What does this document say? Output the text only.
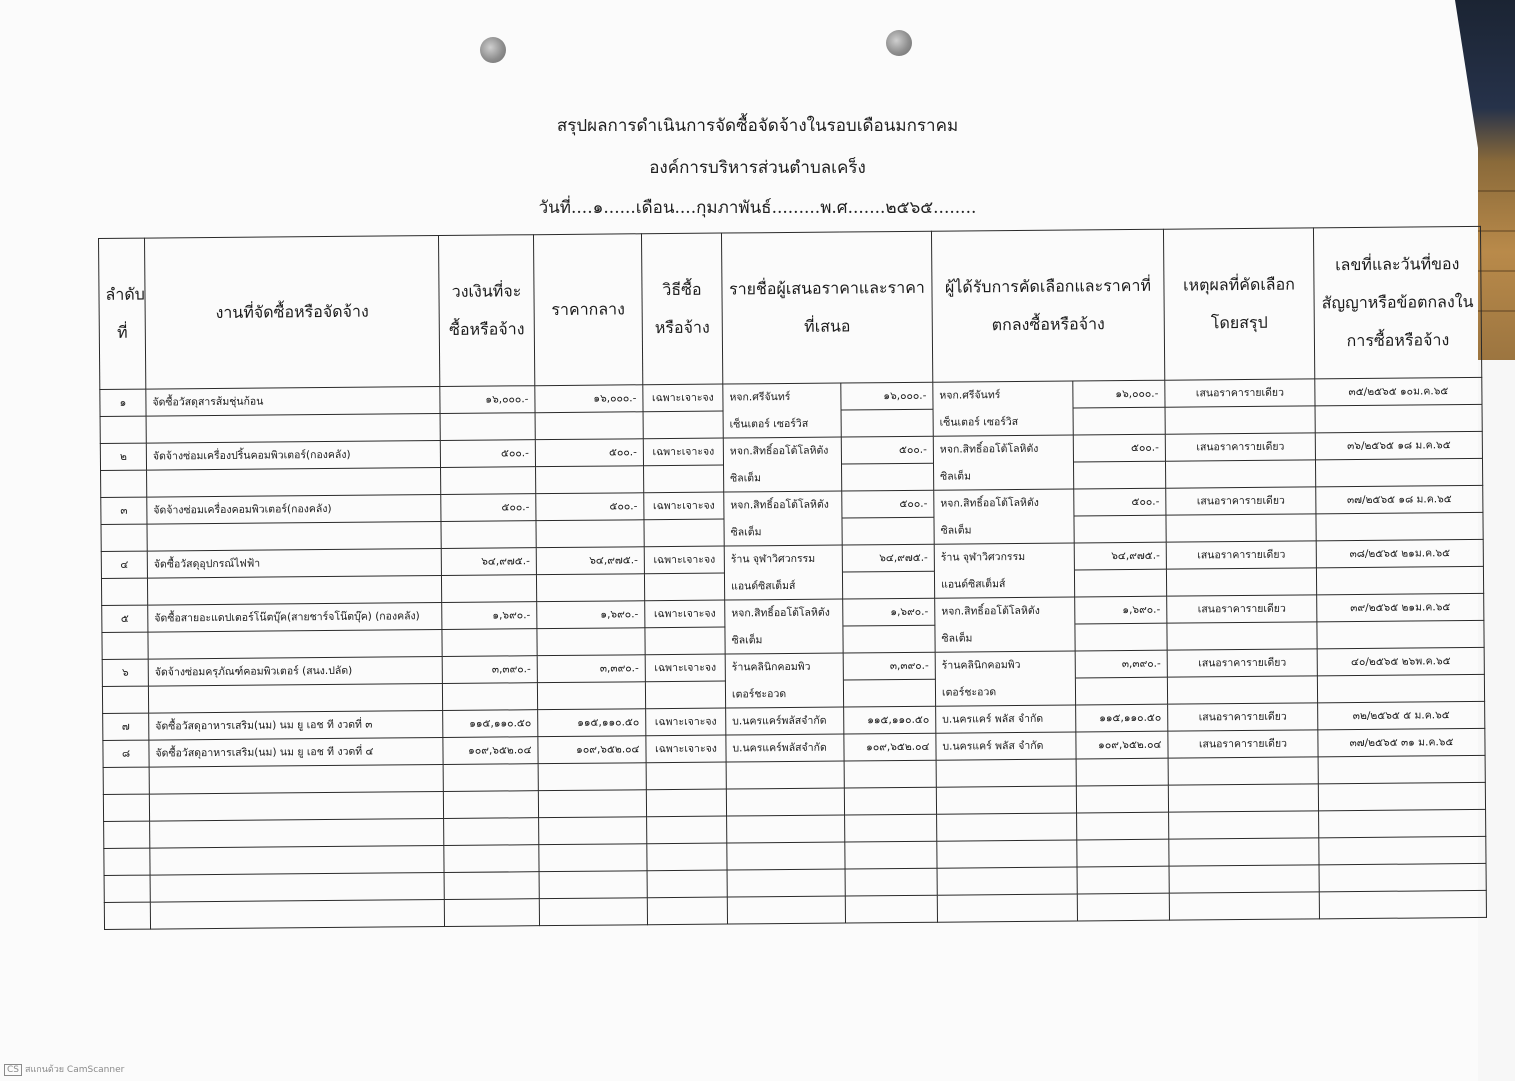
สรุปผลการดำเนินการจัดซื้อจัดจ้างในรอบเดือนมกราคม
องค์การบริหารส่วนตำบลเคร็ง
วันที่....๑......เดือน....กุมภาพันธ์.........พ.ศ.......๒๕๖๕........
ลำดับที่	งานที่จัดซื้อหรือจัดจ้าง	วงเงินที่จะซื้อหรือจ้าง	ราคากลาง	วิธีซื้อหรือจ้าง	รายชื่อผู้เสนอราคาและราคาที่เสนอ		ผู้ได้รับการคัดเลือกและราคาที่ตกลงซื้อหรือจ้าง		เหตุผลที่คัดเลือกโดยสรุป	เลขที่และวันที่ของสัญญาหรือข้อตกลงในการซื้อหรือจ้าง
๑	จัดซื้อวัสดุสารส้มชุ่นก้อน	๑๖,๐๐๐.-	๑๖,๐๐๐.-	เฉพาะเจาะจง	หจก.ศรีจันทร์	๑๖,๐๐๐.-	หจก.ศรีจันทร์	๑๖,๐๐๐.-	เสนอราคารายเดียว	๓๕/๒๕๖๕ ๑๐ม.ค.๖๕
					เซ็นเตอร์ เซอร์วิส		เซ็นเตอร์ เซอร์วิส			
๒	จัดจ้างซ่อมเครื่องปริ้นคอมพิวเตอร์(กองคลัง)	๕๐๐.-	๕๐๐.-	เฉพาะเจาะจง	หจก.สิทธิ์ออโต้โลหิตัง	๕๐๐.-	หจก.สิทธิ์ออโต้โลหิตัง	๕๐๐.-	เสนอราคารายเดียว	๓๖/๒๕๖๕ ๑๘ ม.ค.๖๕
					ซิลเต็ม		ซิลเต็ม			
๓	จัดจ้างซ่อมเครื่องคอมพิวเตอร์(กองคลัง)	๕๐๐.-	๕๐๐.-	เฉพาะเจาะจง	หจก.สิทธิ์ออโต้โลหิตัง	๕๐๐.-	หจก.สิทธิ์ออโต้โลหิตัง	๕๐๐.-	เสนอราคารายเดียว	๓๗/๒๕๖๕ ๑๘ ม.ค.๖๕
					ซิลเต็ม		ซิลเต็ม			
๔	จัดซื้อวัสดุอุปกรณ์ไฟฟ้า	๖๔,๙๗๕.-	๖๔,๙๗๕.-	เฉพาะเจาะจง	ร้าน จุฬาวิศวกรรม	๖๔,๙๗๕.-	ร้าน จุฬาวิศวกรรม	๖๔,๙๗๕.-	เสนอราคารายเดียว	๓๘/๒๕๖๕ ๒๑ม.ค.๖๕
					แอนด์ซิสเต็มส์		แอนด์ซิสเต็มส์			
๕	จัดซื้อสายอะแดปเตอร์โน๊ตบุ๊ค(สายชาร์จโน๊ตบุ๊ค) (กองคลัง)	๑,๖๙๐.-	๑,๖๙๐.-	เฉพาะเจาะจง	หจก.สิทธิ์ออโต้โลหิตัง	๑,๖๙๐.-	หจก.สิทธิ์ออโต้โลหิตัง	๑,๖๙๐.-	เสนอราคารายเดียว	๓๙/๒๕๖๕ ๒๑ม.ค.๖๕
					ซิลเต็ม		ซิลเต็ม			
๖	จัดจ้างซ่อมครุภัณฑ์คอมพิวเตอร์ (สนง.ปลัด)	๓,๓๙๐.-	๓,๓๙๐.-	เฉพาะเจาะจง	ร้านคลินิกคอมพิว	๓,๓๙๐.-	ร้านคลินิกคอมพิว	๓,๓๙๐.-	เสนอราคารายเดียว	๔๐/๒๕๖๕ ๒๖พ.ค.๖๕
					เตอร์ชะอวด		เตอร์ชะอวด			
๗	จัดซื้อวัสดุอาหารเสริม(นม) นม ยู เอช ที งวดที่ ๓	๑๑๕,๑๑๐.๕๐	๑๑๕,๑๑๐.๕๐	เฉพาะเจาะจง	บ.นครแคร์พลัสจำกัด	๑๑๕,๑๑๐.๕๐	บ.นครแคร์ พลัส จำกัด	๑๑๕,๑๑๐.๕๐	เสนอราคารายเดียว	๓๒/๒๕๖๕ ๕ ม.ค.๖๕
๘	จัดซื้อวัสดุอาหารเสริม(นม) นม ยู เอช ที งวดที่ ๔	๑๐๙,๖๕๒.๐๔	๑๐๙,๖๕๒.๐๔	เฉพาะเจาะจง	บ.นครแคร์พลัสจำกัด	๑๐๙,๖๕๒.๐๔	บ.นครแคร์ พลัส จำกัด	๑๐๙,๖๕๒.๐๔	เสนอราคารายเดียว	๓๗/๒๕๖๕ ๓๑ ม.ค.๖๕

CS สแกนด้วย CamScanner
